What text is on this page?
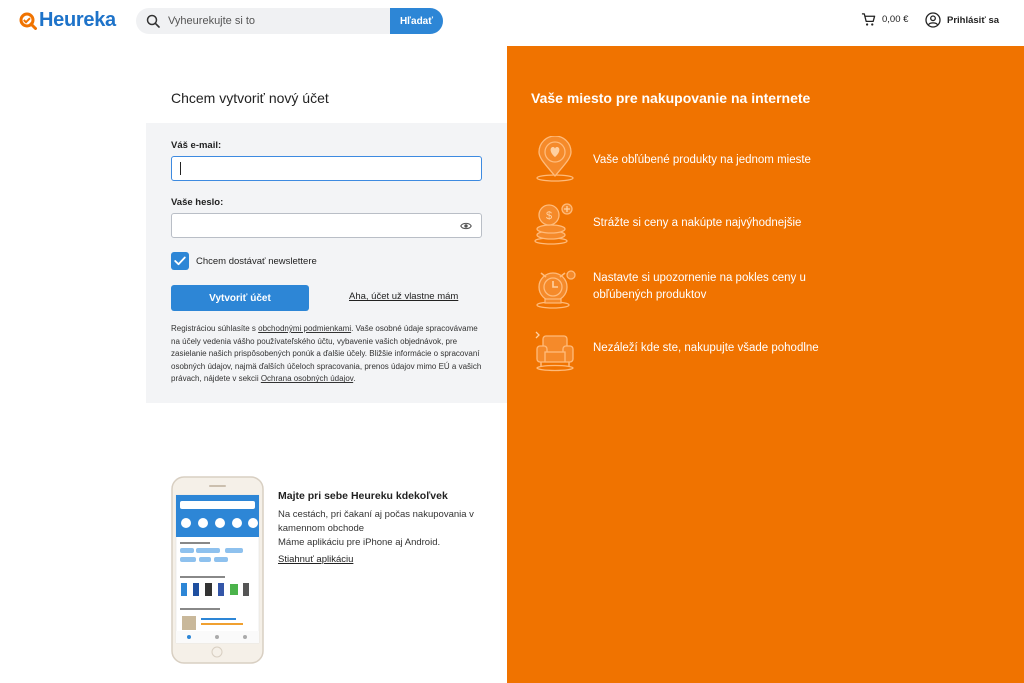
Heureka
Vyheurekujte si to	Hľadať	0,00 €	Prihlásiť sa
Chcem vytvoriť nový účet
Váš e-mail:
Vaše heslo:
Chcem dostávať newslettere
Vytvoriť účet	Aha, účet už vlastne mám
Registráciou súhlasíte s obchodnými podmienkami. Vaše osobné údaje spracovávame na účely vedenia vášho používateľského účtu, vybavenie vašich objednávok, pre zasielanie našich prispôsobených ponúk a ďalšie účely. Bližšie informácie o spracovaní osobných údajov, najmä ďalších účeloch spracovania, prenos údajov mimo EÚ a vašich právach, nájdete v sekcii Ochrana osobných údajov.
Majte pri sebe Heureku kdekoľvek
Na cestách, pri čakaní aj počas nakupovania v kamennom obchode
Máme aplikáciu pre iPhone aj Android.
Stiahnuť aplikáciu
Vaše miesto pre nakupovanie na internete
Vaše obľúbené produkty na jednom mieste
$
Strážte si ceny a nakúpte najvýhodnejšie
Nastavte si upozornenie na pokles ceny u obľúbených produktov
Nezáleží kde ste, nakupujte všade pohodlne
